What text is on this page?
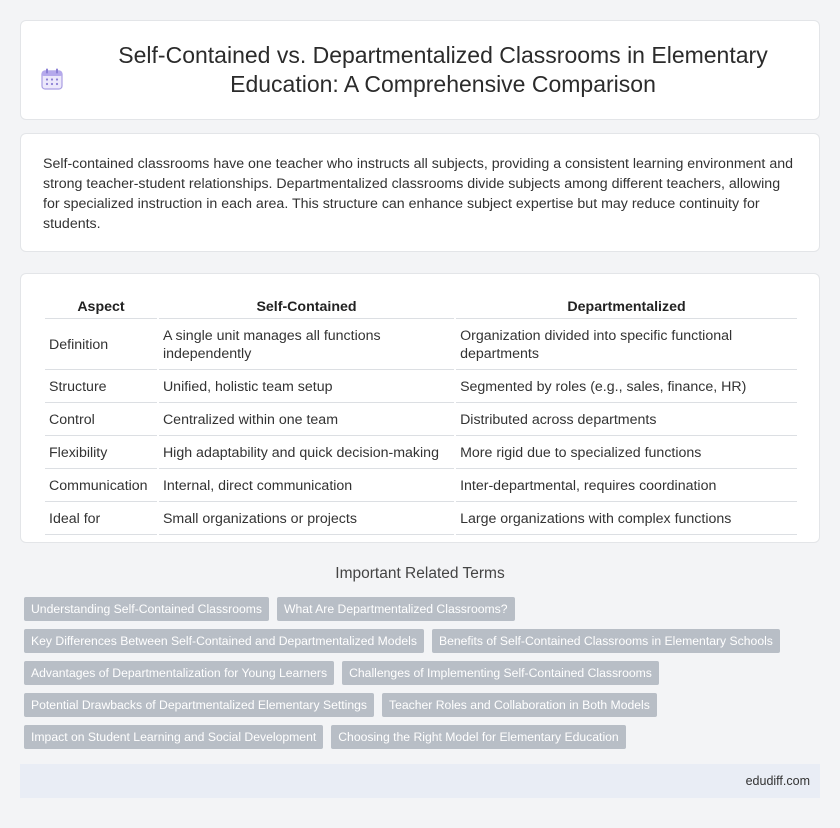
Self-Contained vs. Departmentalized Classrooms in Elementary Education: A Comprehensive Comparison

Self-contained classrooms have one teacher who instructs all subjects, providing a consistent learning environment and strong teacher-student relationships. Departmentalized classrooms divide subjects among different teachers, allowing for specialized instruction in each area. This structure can enhance subject expertise but may reduce continuity for students.

Aspect	Self-Contained	Departmentalized
Definition	A single unit manages all functions independently	Organization divided into specific functional departments
Structure	Unified, holistic team setup	Segmented by roles (e.g., sales, finance, HR)
Control	Centralized within one team	Distributed across departments
Flexibility	High adaptability and quick decision-making	More rigid due to specialized functions
Communication	Internal, direct communication	Inter-departmental, requires coordination
Ideal for	Small organizations or projects	Large organizations with complex functions
Important Related Terms
Understanding Self-Contained Classrooms	What Are Departmentalized Classrooms?
Key Differences Between Self-Contained and Departmentalized Models	Benefits of Self-Contained Classrooms in Elementary Schools
Advantages of Departmentalization for Young Learners	Challenges of Implementing Self-Contained Classrooms
Potential Drawbacks of Departmentalized Elementary Settings	Teacher Roles and Collaboration in Both Models
Impact on Student Learning and Social Development	Choosing the Right Model for Elementary Education
edudiff.com
